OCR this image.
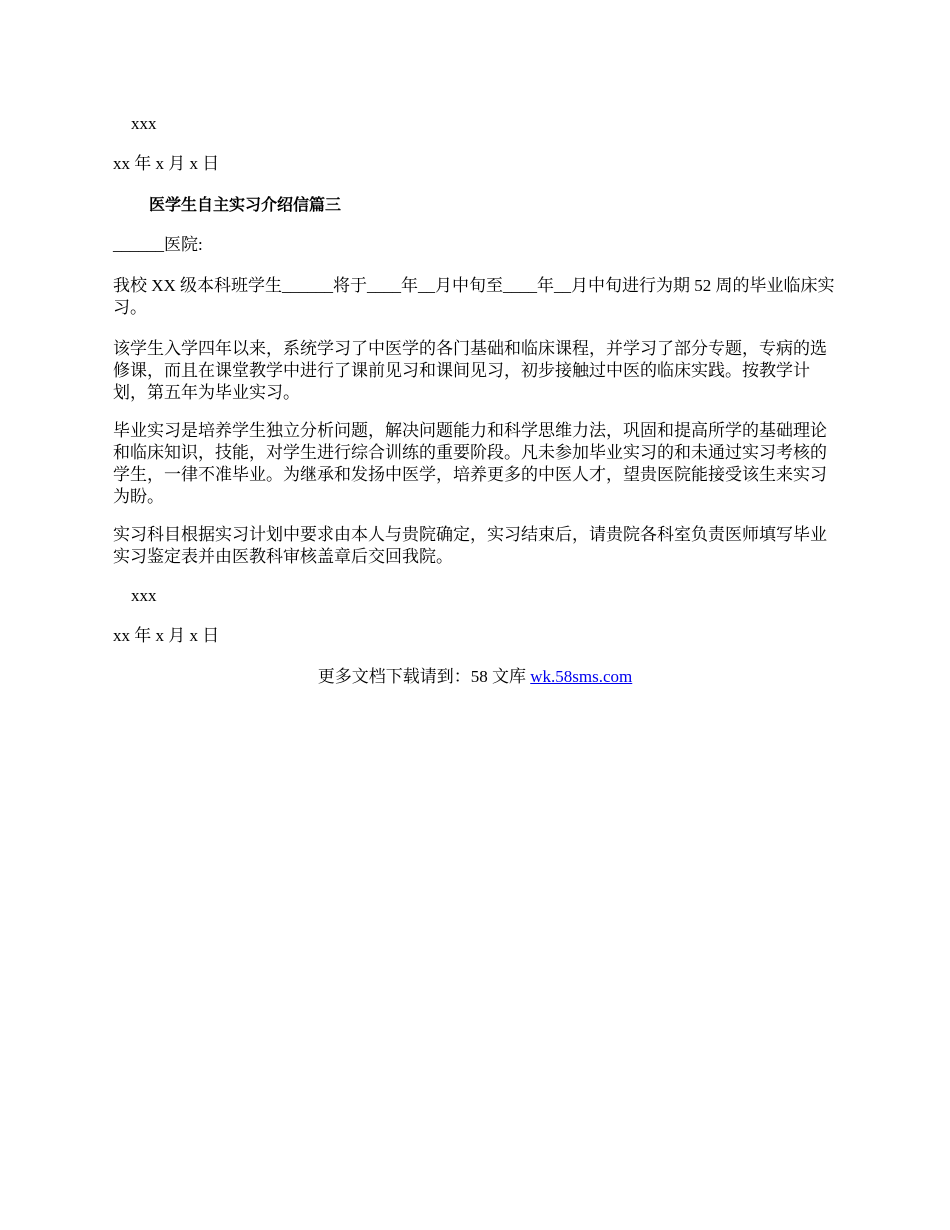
xxx
xx 年 x 月 x 日
医学生自主实习介绍信篇三
______医院:
我校 XX 级本科班学生______将于____年__月中旬至____年__月中旬进行为期 52 周的毕业临床实习。
该学生入学四年以来，系统学习了中医学的各门基础和临床课程，并学习了部分专题，专病的选修课，而且在课堂教学中进行了课前见习和课间见习，初步接触过中医的临床实践。按教学计划，第五年为毕业实习。
毕业实习是培养学生独立分析问题，解决问题能力和科学思维力法，巩固和提高所学的基础理论和临床知识，技能，对学生进行综合训练的重要阶段。凡未参加毕业实习的和未通过实习考核的学生，一律不准毕业。为继承和发扬中医学，培养更多的中医人才，望贵医院能接受该生来实习为盼。
实习科目根据实习计划中要求由本人与贵院确定，实习结束后，请贵院各科室负责医师填写毕业实习鉴定表并由医教科审核盖章后交回我院。
xxx
xx 年 x 月 x 日
更多文档下载请到：58 文库 wk.58sms.com
